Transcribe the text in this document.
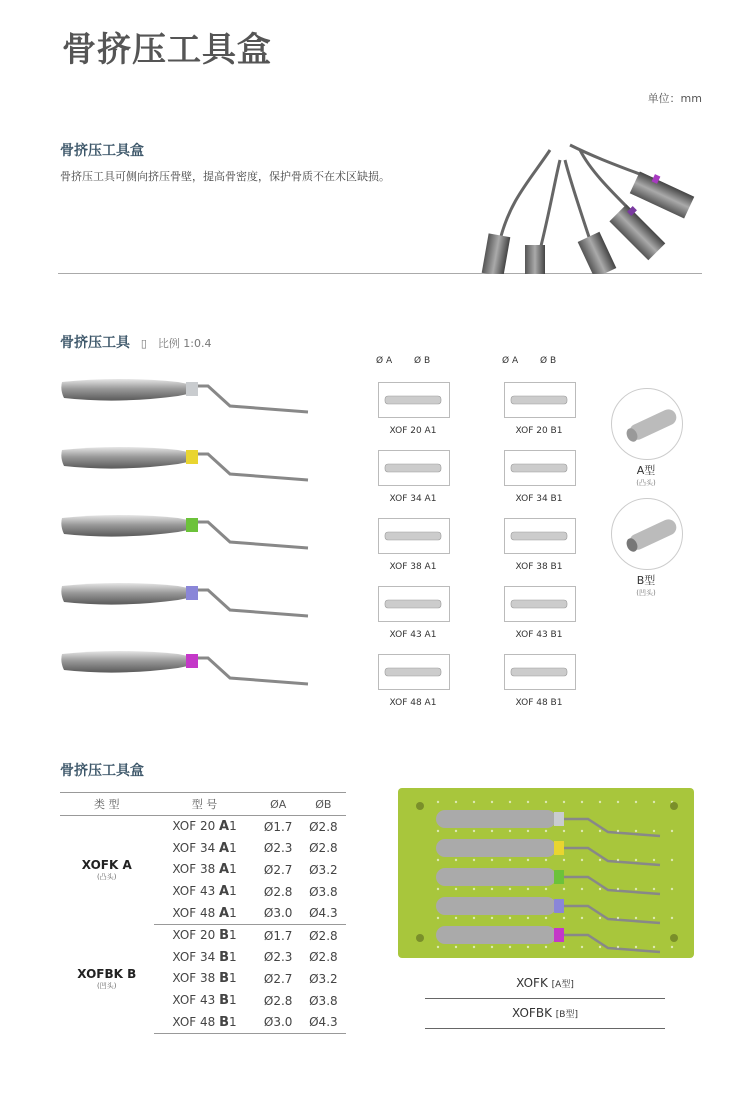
骨挤压工具盒
单位：mm
骨挤压工具盒
骨挤压工具可侧向挤压骨壁，提高骨密度，保护骨质不在术区缺损。
骨挤压工具 ▯ 比例 1:0.4
Ø A Ø B	Ø A Ø B
XOF 20 A1	XOF 20 B1
XOF 34 A1	XOF 34 B1
XOF 38 A1	XOF 38 B1
XOF 43 A1	XOF 43 B1
XOF 48 A1	XOF 48 B1
A型
(凸头)
B型
(凹头)
骨挤压工具盒
类 型	型 号	ØA	ØB

XOFK A
(凸头)	XOF 20 A1	Ø1.7	Ø2.8
	XOF 34 A1	Ø2.3	Ø2.8
	XOF 38 A1	Ø2.7	Ø3.2
	XOF 43 A1	Ø2.8	Ø3.8
	XOF 48 A1	Ø3.0	Ø4.3

XOFBK B
(凹头)	XOF 20 B1	Ø1.7	Ø2.8
	XOF 34 B1	Ø2.3	Ø2.8
	XOF 38 B1	Ø2.7	Ø3.2
	XOF 43 B1	Ø2.8	Ø3.8
	XOF 48 B1	Ø3.0	Ø4.3
XOFK [A型]
XOFBK [B型]
